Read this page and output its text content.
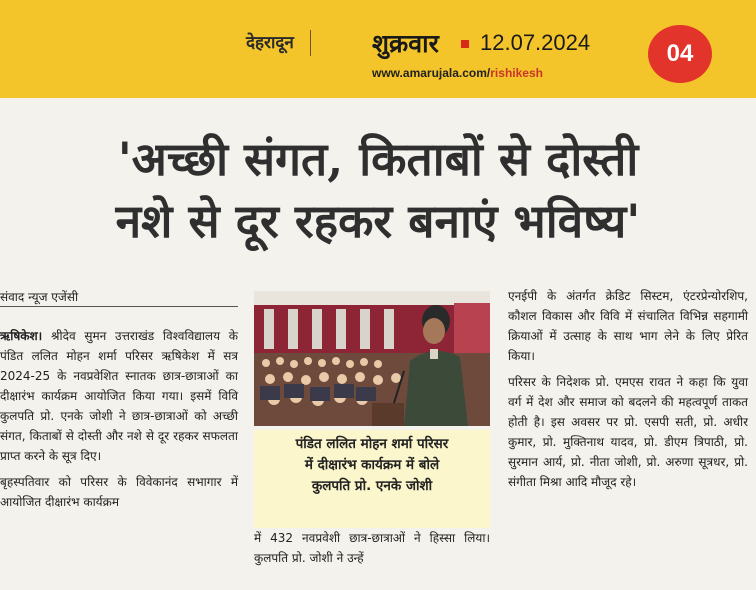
देहरादून	शुक्रवार 12.07.2024
www.amarujala.com/rishikesh
04
'अच्छी संगत, किताबों से दोस्ती
नशे से दूर रहकर बनाएं भविष्य'
संवाद न्यूज एजेंसी

ऋषिकेश। श्रीदेव सुमन उत्तराखंड विश्वविद्यालय के पंडित ललित मोहन शर्मा परिसर ऋषिकेश में सत्र 2024-25 के नवप्रवेशित स्नातक छात्र-छात्राओं का दीक्षारंभ कार्यक्रम आयोजित किया गया। इसमें विवि कुलपति प्रो. एनके जोशी ने छात्र-छात्राओं को अच्छी संगत, किताबों से दोस्ती और नशे से दूर रहकर सफलता प्राप्त करने के सूत्र दिए।

बृहस्पतिवार को परिसर के विवेकानंद सभागार में आयोजित दीक्षारंभ कार्यक्रम

पंडित ललित मोहन शर्मा परिसर
में दीक्षारंभ कार्यक्रम में बोले
कुलपति प्रो. एनके जोशी
में 432 नवप्रवेशी छात्र-छात्राओं ने हिस्सा लिया। कुलपति प्रो. जोशी ने उन्हें

एनईपी के अंतर्गत क्रेडिट सिस्टम, एंटरप्रेन्योरशिप, कौशल विकास और विवि में संचालित विभिन्न सहगामी क्रियाओं में उत्साह के साथ भाग लेने के लिए प्रेरित किया।

परिसर के निदेशक प्रो. एमएस रावत ने कहा कि युवा वर्ग में देश और समाज को बदलने की महत्वपूर्ण ताकत होती है। इस अवसर पर प्रो. एसपी सती, प्रो. अधीर कुमार, प्रो. मुक्तिनाथ यादव, प्रो. डीएम त्रिपाठी, प्रो. सुरमान आर्य, प्रो. नीता जोशी, प्रो. अरुणा सूत्रधर, प्रो. संगीता मिश्रा आदि मौजूद रहे।
